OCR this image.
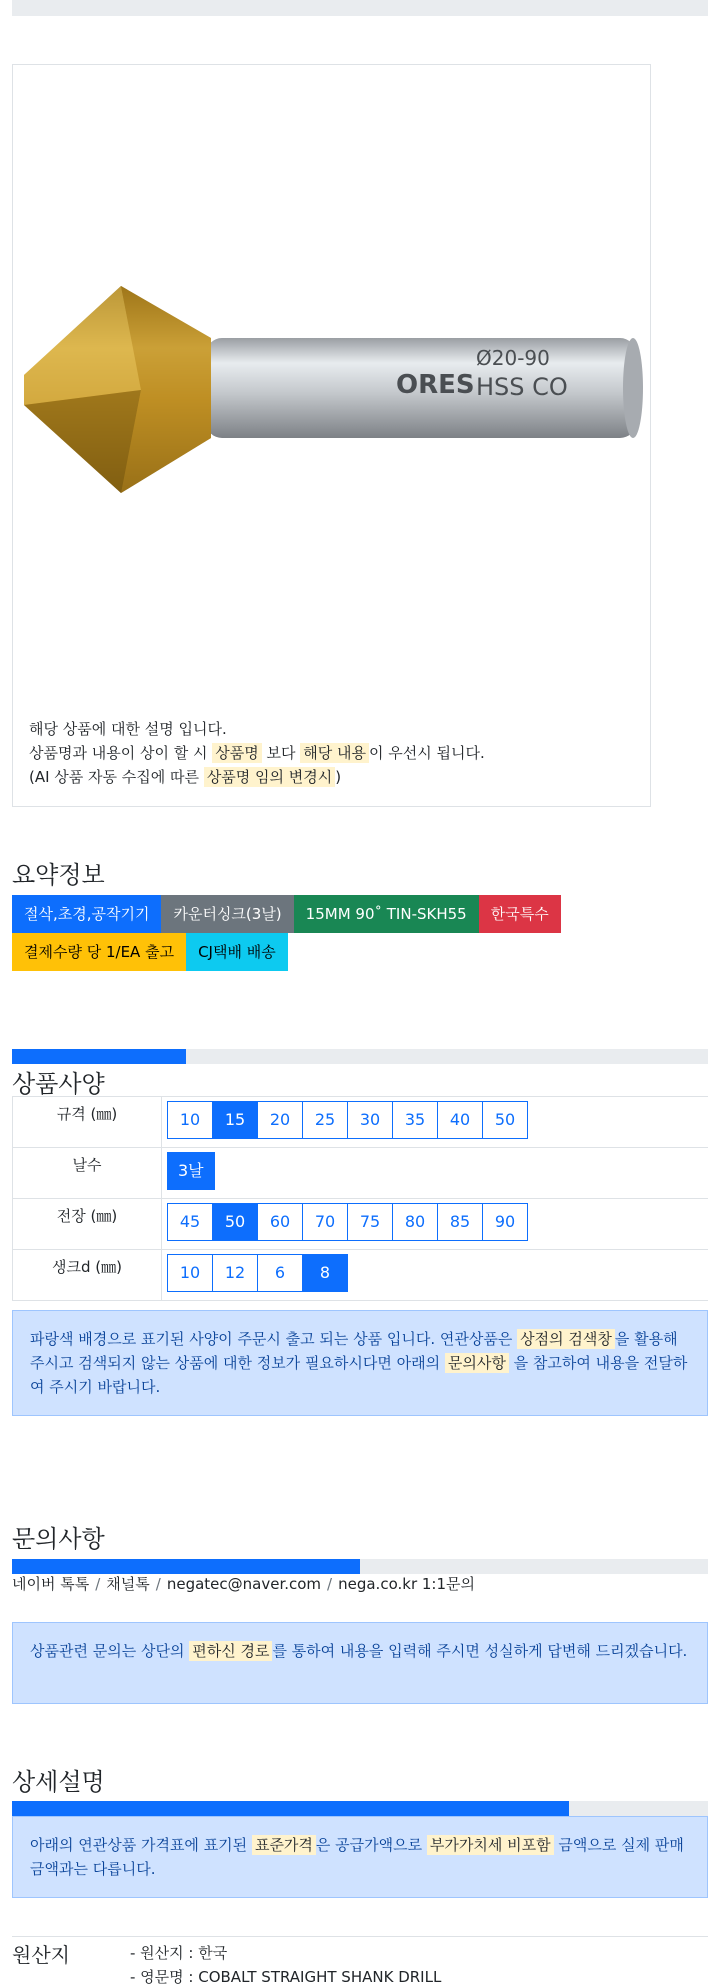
ORES HSS CO
Ø20-90
해당 상품에 대한 설명 입니다.
상품명과 내용이 상이 할 시 상품명 보다 해당 내용 이 우선시 됩니다.
(AI 상품 자동 수집에 따른 상품명 임의 변경시 )
요약정보
절삭,초경,공작기기	카운터싱크(3날)	15MM 90˚ TIN-SKH55	한국특수
결제수량 당 1/EA 출고	CJ택배 배송
상품사양
규격 (㎜)	10	15	20	25	30	35	40	50
날수	3날
전장 (㎜)	45	50	60	70	75	80	85	90
생크d (㎜)	10	12	6	8
파랑색 배경으로 표기된 사양이 주문시 출고 되는 상품 입니다. 연관상품은 상점의 검색창 을 활용해 주시고 검색되지 않는 상품에 대한 정보가 필요하시다면 아래의 문의사항 을 참고하여 내용을 전달하여 주시기 바랍니다.
문의사항
네이버 톡톡 / 채널톡 / negatec@naver.com / nega.co.kr 1:1문의
상품관련 문의는 상단의 편하신 경로 를 통하여 내용을 입력해 주시면 성실하게 답변해 드리겠습니다.
상세설명
아래의 연관상품 가격표에 표기된 표준가격 은 공급가액으로 부가가치세 비포함 금액으로 실제 판매금액과는 다릅니다.
원산지	- 원산지 : 한국
- 영문명 : COBALT STRAIGHT SHANK DRILL
